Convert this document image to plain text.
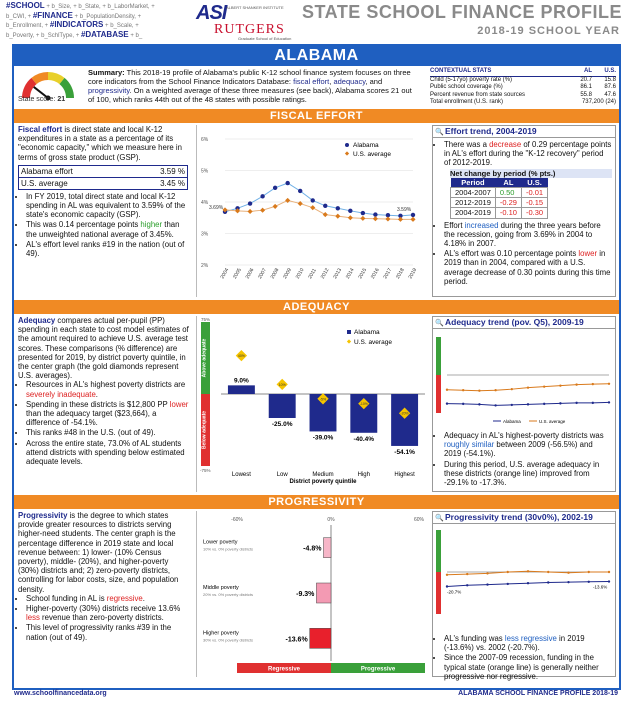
#SCHOOL + b_Size, + b_State, + b_LaborMarket, +
b_CWI, + #FINANCE + b_PopulationDensity, +
b_Enrollment, + #INDICATORS + b_Scale, +
b_Poverty, + b_SchlType, + #DATABASE + b_
ASI ALBERT SHANKER INSTITUTE
RUTGERS
Graduate School of Education
STATE SCHOOL FINANCE PROFILE
2018-19 SCHOOL YEAR
ALABAMA
State score: 21
Summary: This 2018-19 profile of Alabama's public K-12 school finance system focuses on three core indicators from the School Finance Indicators Database: fiscal effort, adequacy, and progressivity. On a weighted average of these three measures (see back), Alabama scores 21 out of 100, which ranks 44th out of the 48 states with possible ratings.
CONTEXTUAL STATS	AL	U.S.
Child (5-17yo) poverty rate (%)	20.7	15.8
Public school coverage (%)	86.1	87.6
Percent revenue from state sources	55.8	47.6
Total enrollment (U.S. rank)	737,200 (24)	
FISCAL EFFORT
Fiscal effort is direct state and local K-12 expenditures in a state as a percentage of its "economic capacity," which we measure here in terms of gross state product (GSP).
Alabama effort	3.59 %
U.S. average	3.45 %
• In FY 2019, total direct state and local K-12 spending in AL was equivalent to 3.59% of the state's economic capacity (GSP).
• This was 0.14 percentage points higher than the unweighted national average of 3.45%.
• AL's effort level ranks #19 in the nation (out of 49).
2%
3%
4%
5%
6%
2004 2005 2006 2007 2008 2009 2010 2011 2012 2013 2014 2015 2016 2017 2018 2019
3.69%	3.59%
Alabama
U.S. average
🔍 Effort trend, 2004-2019
• There was a decrease of 0.29 percentage points in AL's effort during the "K-12 recovery" period of 2012-2019.
Net change by period (% pts.)
Period	AL	U.S.
2004-2007	0.50	-0.01
2012-2019	-0.29	-0.15
2004-2019	-0.10	-0.30
• Effort increased during the three years before the recession, going from 3.69% in 2004 to 4.18% in 2007.
• AL's effort was 0.10 percentage points lower in 2019 than in 2004, compared with a U.S. average decrease of 0.30 points during this time period.
ADEQUACY
Adequacy compares actual per-pupil (PP) spending in each state to cost model estimates of the amount required to achieve U.S. average test scores. These comparisons (% difference) are presented for 2019, by district poverty quintile, in the center graph (the gold diamonds represent U.S. averages).
• Resources in AL's highest poverty districts are severely inadequate.
• Spending in these districts is $12,800 PP lower than the adequacy target ($23,664), a difference of -54.1%.
• This ranks #48 in the U.S. (out of 49).
• Across the entire state, 73.0% of AL students attend districts with spending below estimated adequate levels.
Above adequate
Below adequate
75%
-75%
9.0%
40%
Lowest
-25.0%
10%
Low
-39.0%
-5%
Medium
-40.4%
-10%
High
-54.1%
-20%
Highest
District poverty quintile
Alabama
U.S. average
🔍 Adequacy trend (pov. Q5), 2009-19
Alabama	U.S. average
• Adequacy in AL's highest-poverty districts was roughly similar between 2009 (-56.5%) and 2019 (-54.1%).
• During this period, U.S. average adequacy in these districts (orange line) improved from -29.1% to -17.3%.
PROGRESSIVITY
Progressivity is the degree to which states provide greater resources to districts serving higher-need students. The center graph is the percentage difference in 2019 state and local revenue between: 1) lower- (10% Census poverty), middle- (20%), and higher-poverty (30%) districts and; 2) zero-poverty districts, controlling for labor costs, size, and population density.
• School funding in AL is regressive.
• Higher-poverty (30%) districts receive 13.6% less revenue than zero-poverty districts.
• This level of progressivity ranks #39 in the nation (out of 49).
-60%	0%	60%
-4.8%
Lower poverty
10% vs. 0% poverty districts
-9.3%
Middle poverty
20% vs. 0% poverty districts
-13.6%
Higher poverty
30% vs. 0% poverty districts
Regressive	Progressive
🔍 Progressivity trend (30v0%), 2002-19
-20.7%
-13.6%
• AL's funding was less regressive in 2019 (-13.6%) vs. 2002 (-20.7%).
• Since the 2007-09 recession, funding in the typical state (orange line) is generally neither progressive nor regressive.
www.schoolfinancedata.org	ALABAMA SCHOOL FINANCE PROFILE 2018-19
